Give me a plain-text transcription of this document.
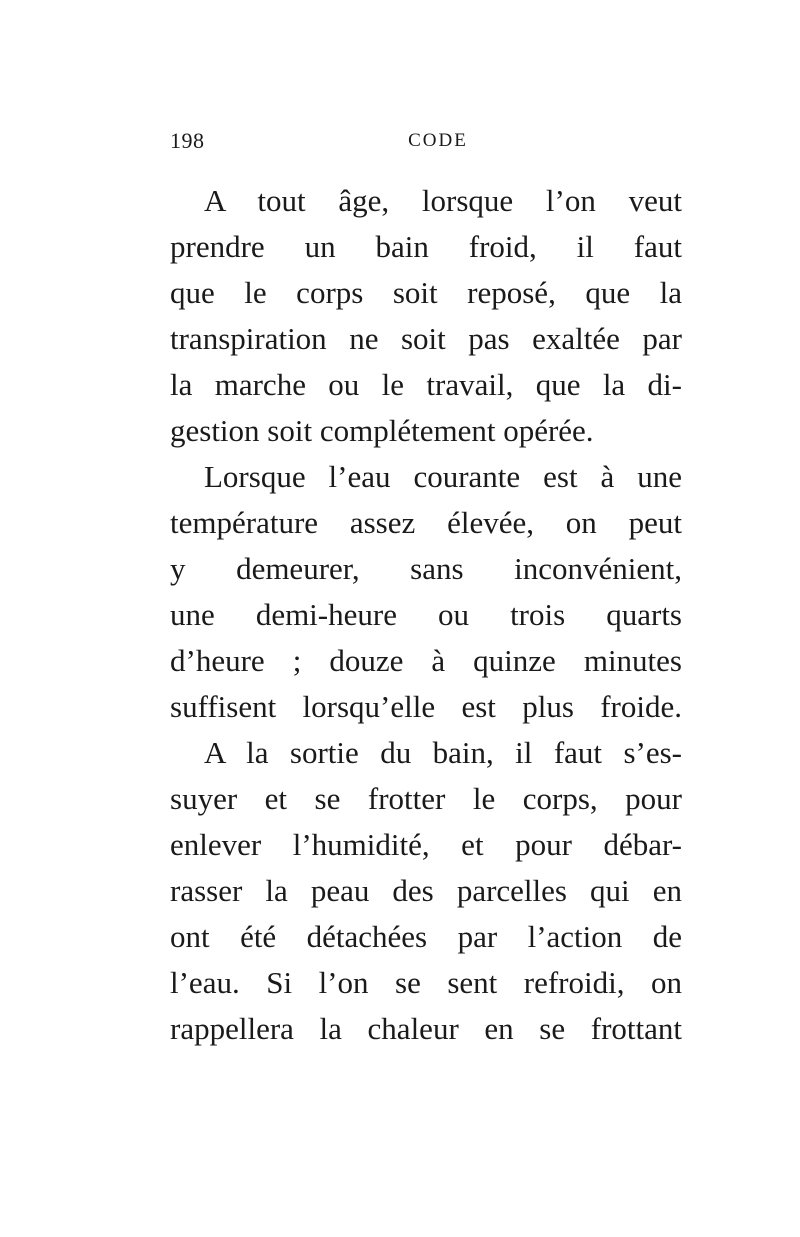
198	CODE
A tout âge, lorsque l’on veut
prendre un bain froid, il faut
que le corps soit reposé, que la
transpiration ne soit pas exaltée par
la marche ou le travail, que la di-
gestion soit complétement opérée.
Lorsque l’eau courante est à une
température assez élevée, on peut
y demeurer, sans inconvénient,
une demi-heure ou trois quarts
d’heure ; douze à quinze minutes
suffisent lorsqu’elle est plus froide.
A la sortie du bain, il faut s’es-
suyer et se frotter le corps, pour
enlever l’humidité, et pour débar-
rasser la peau des parcelles qui en
ont été détachées par l’action de
l’eau. Si l’on se sent refroidi, on
rappellera la chaleur en se frottant
